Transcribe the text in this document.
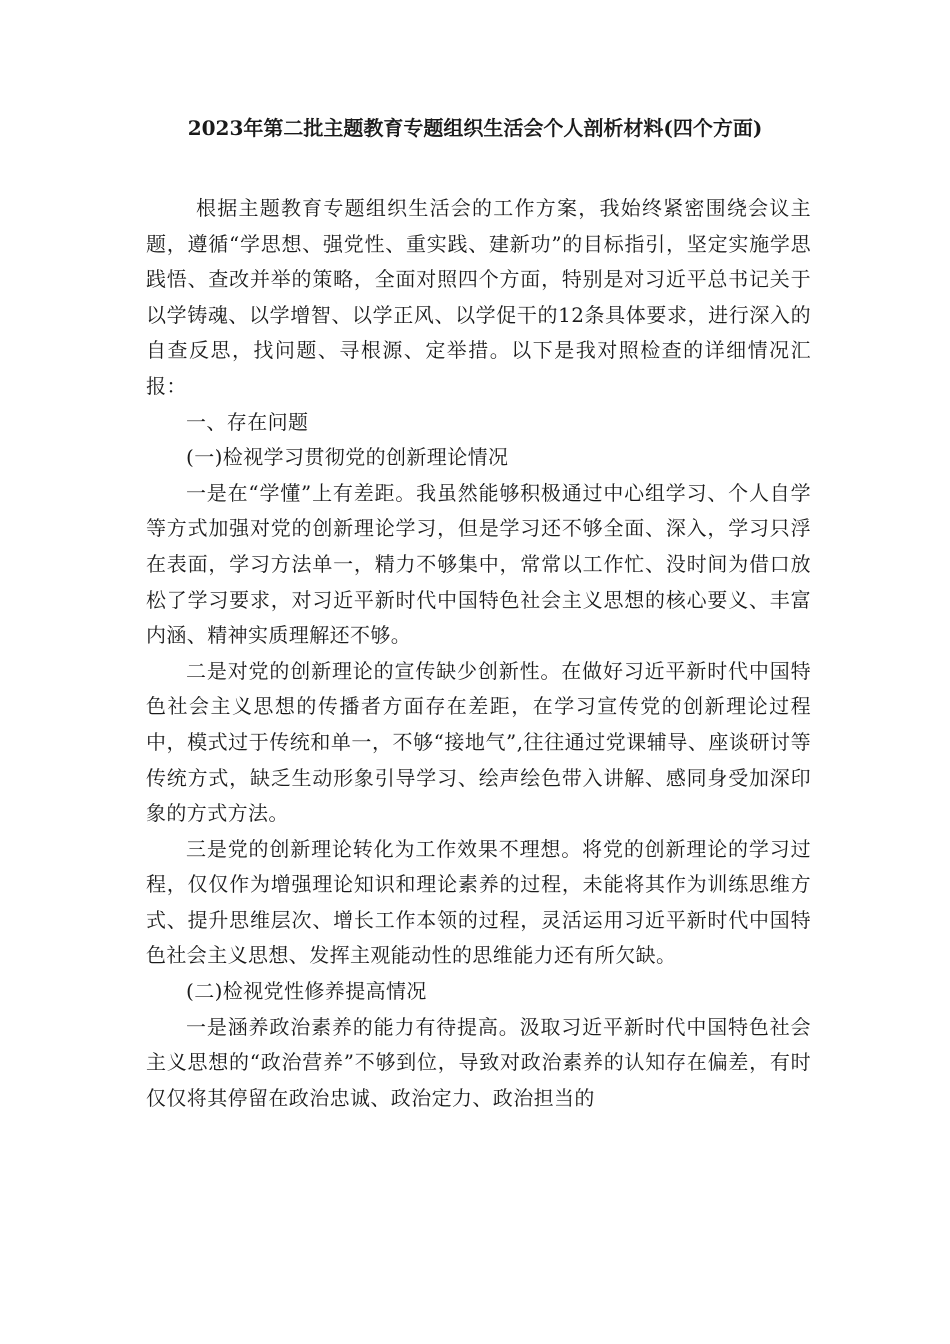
2023年第二批主题教育专题组织生活会个人剖析材料(四个方面)

根据主题教育专题组织生活会的工作方案，我始终紧密围绕会议主题，遵循“学思想、强党性、重实践、建新功”的目标指引，坚定实施学思践悟、查改并举的策略，全面对照四个方面，特别是对习近平总书记关于以学铸魂、以学增智、以学正风、以学促干的12条具体要求，进行深入的自查反思，找问题、寻根源、定举措。以下是我对照检查的详细情况汇报：

一、存在问题

(一)检视学习贯彻党的创新理论情况

一是在“学懂”上有差距。我虽然能够积极通过中心组学习、个人自学等方式加强对党的创新理论学习，但是学习还不够全面、深入，学习只浮在表面，学习方法单一，精力不够集中，常常以工作忙、没时间为借口放松了学习要求，对习近平新时代中国特色社会主义思想的核心要义、丰富内涵、精神实质理解还不够。

二是对党的创新理论的宣传缺少创新性。在做好习近平新时代中国特色社会主义思想的传播者方面存在差距，在学习宣传党的创新理论过程中，模式过于传统和单一，不够“接地气”,往往通过党课辅导、座谈研讨等传统方式，缺乏生动形象引导学习、绘声绘色带入讲解、感同身受加深印象的方式方法。

三是党的创新理论转化为工作效果不理想。将党的创新理论的学习过程，仅仅作为增强理论知识和理论素养的过程，未能将其作为训练思维方式、提升思维层次、增长工作本领的过程，灵活运用习近平新时代中国特色社会主义思想、发挥主观能动性的思维能力还有所欠缺。

(二)检视党性修养提高情况

一是涵养政治素养的能力有待提高。汲取习近平新时代中国特色社会主义思想的“政治营养”不够到位，导致对政治素养的认知存在偏差，有时仅仅将其停留在政治忠诚、政治定力、政治担当的
